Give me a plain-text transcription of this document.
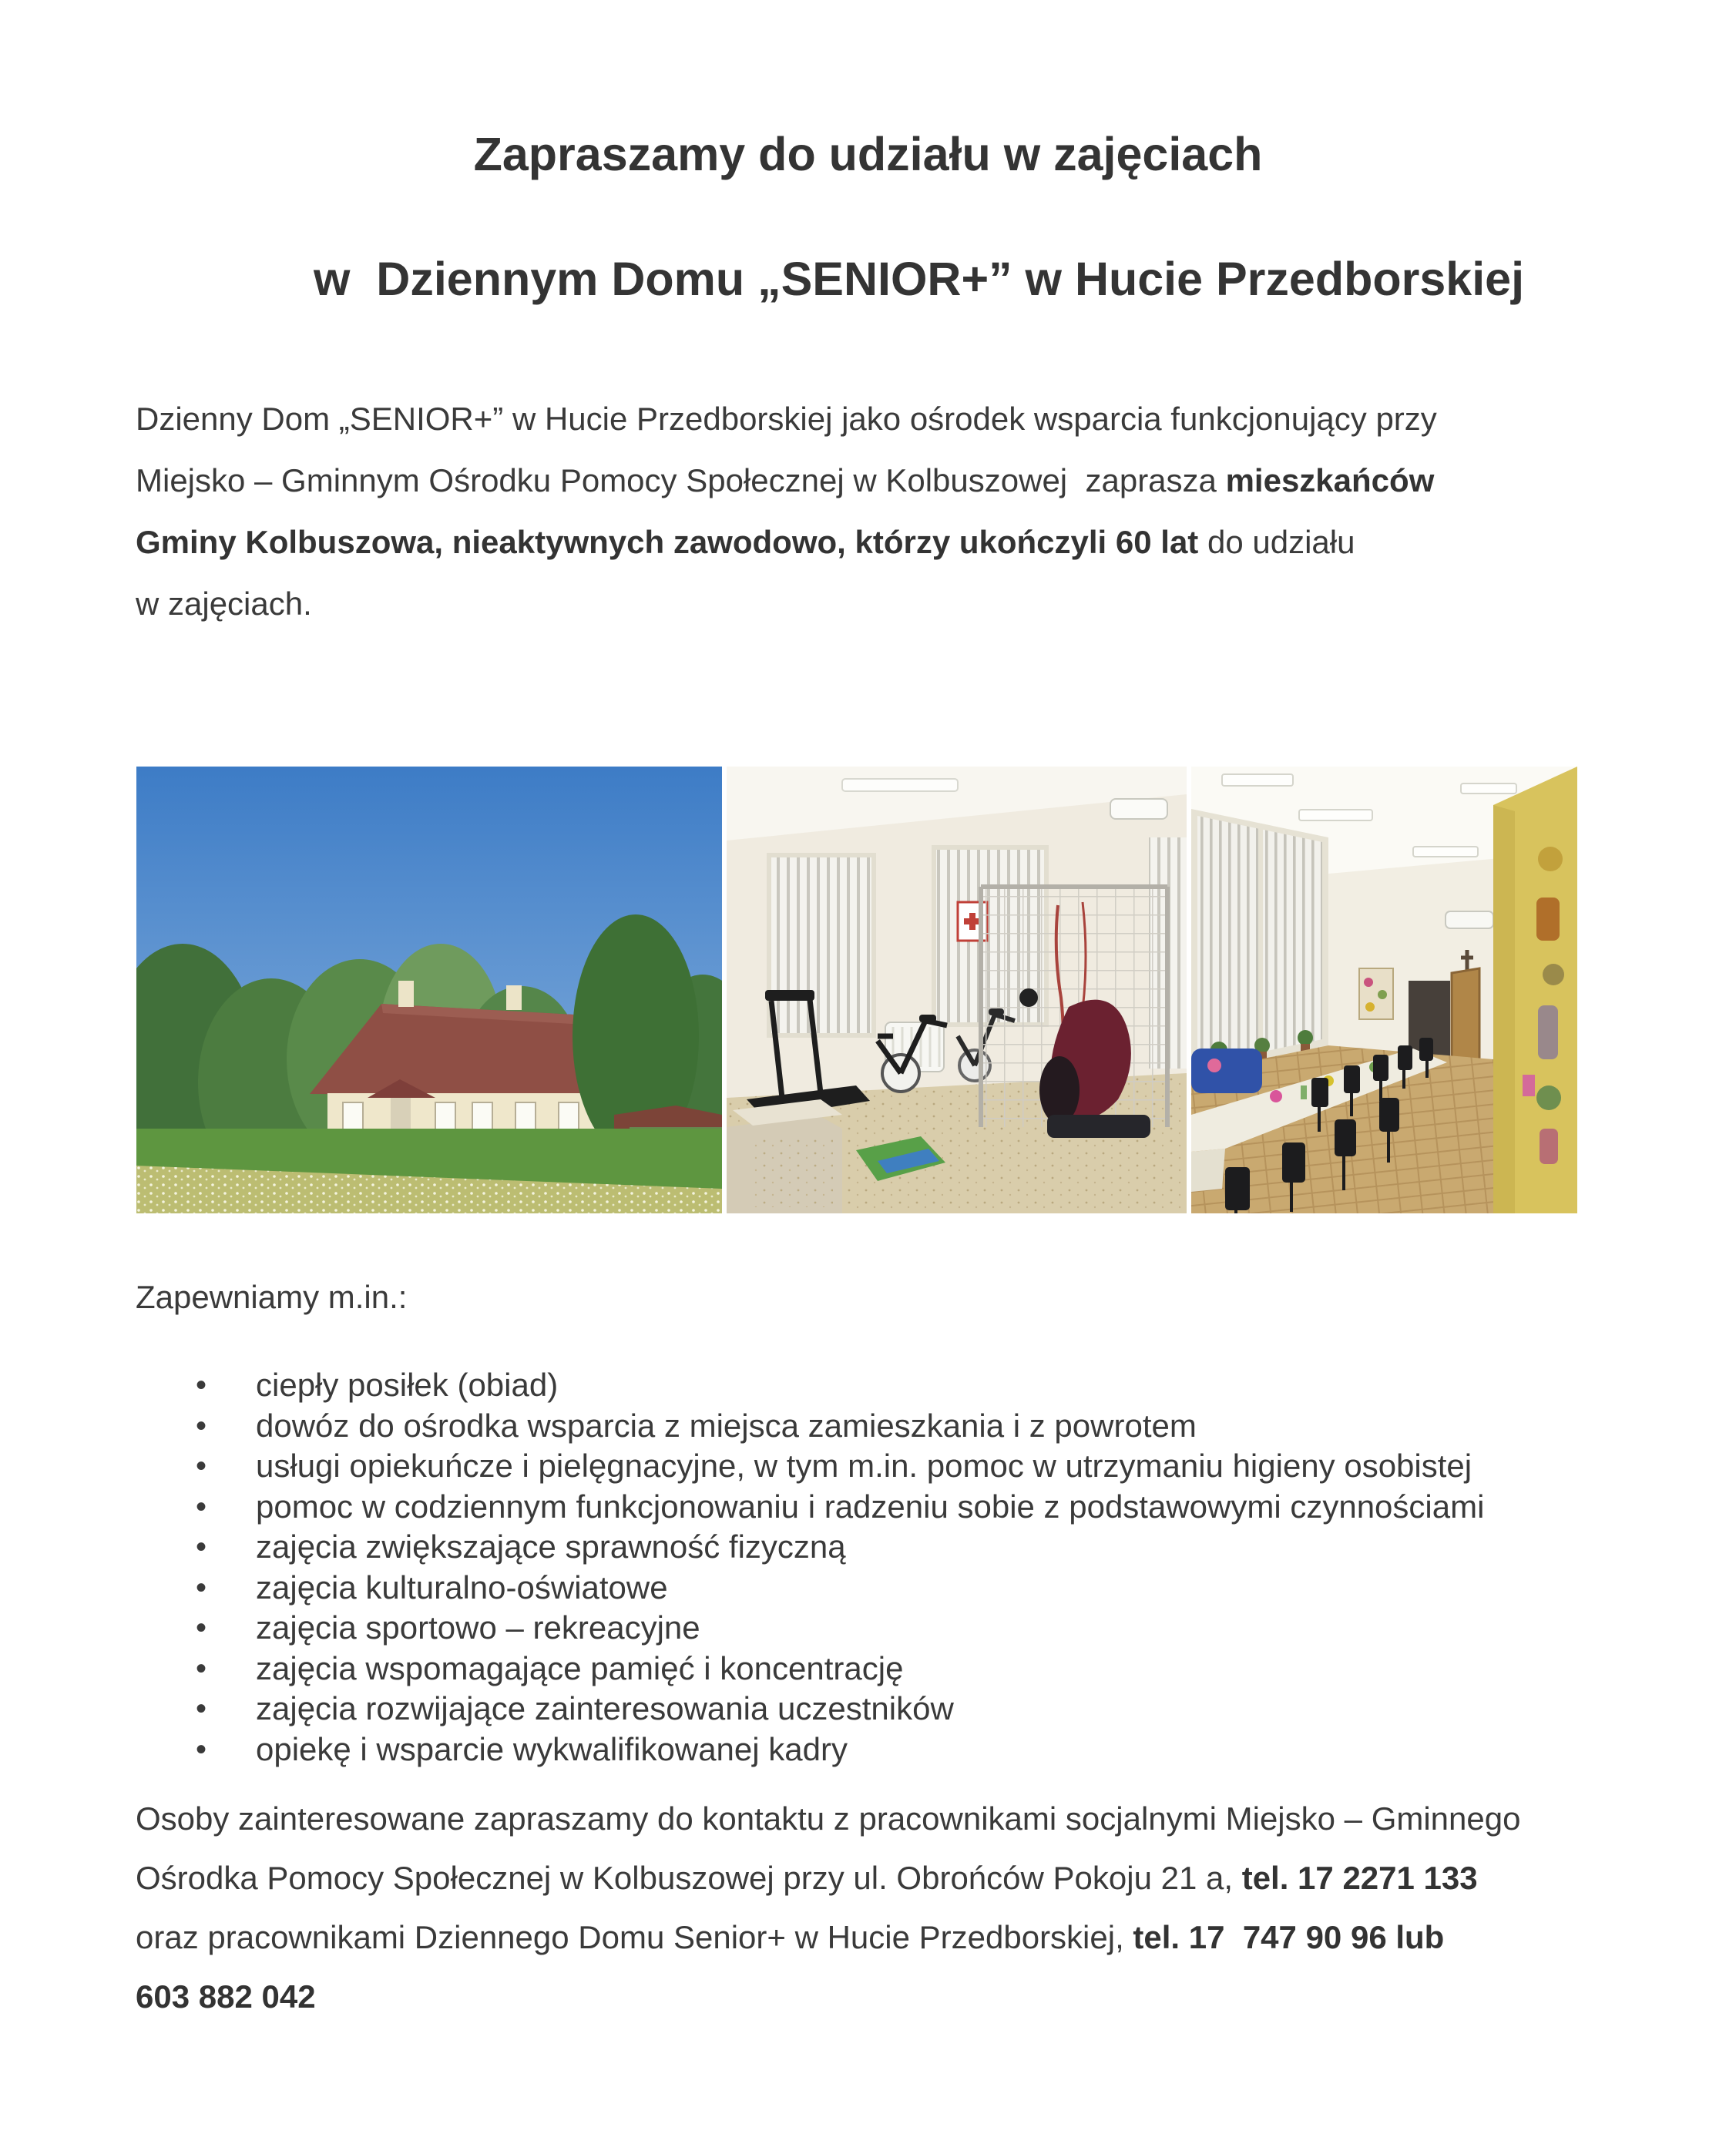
Zapraszamy do udziału w zajęciach
w  Dziennym Domu „SENIOR+” w Hucie Przedborskiej
Dzienny Dom „SENIOR+” w Hucie Przedborskiej jako ośrodek wsparcia funkcjonujący przy
Miejsko – Gminnym Ośrodku Pomocy Społecznej w Kolbuszowej  zaprasza mieszkańców
Gminy Kolbuszowa, nieaktywnych zawodowo, którzy ukończyli 60 lat do udziału
w zajęciach.
Zapewniamy m.in.:
• ciepły posiłek (obiad)
• dowóz do ośrodka wsparcia z miejsca zamieszkania i z powrotem
• usługi opiekuńcze i pielęgnacyjne, w tym m.in. pomoc w utrzymaniu higieny osobistej
• pomoc w codziennym funkcjonowaniu i radzeniu sobie z podstawowymi czynnościami
• zajęcia zwiększające sprawność fizyczną
• zajęcia kulturalno-oświatowe
• zajęcia sportowo – rekreacyjne
• zajęcia wspomagające pamięć i koncentrację
• zajęcia rozwijające zainteresowania uczestników
• opiekę i wsparcie wykwalifikowanej kadry
Osoby zainteresowane zapraszamy do kontaktu z pracownikami socjalnymi Miejsko – Gminnego
Ośrodka Pomocy Społecznej w Kolbuszowej przy ul. Obrońców Pokoju 21 a, tel. 17 2271 133
oraz pracownikami Dziennego Domu Senior+ w Hucie Przedborskiej, tel. 17  747 90 96 lub
603 882 042
